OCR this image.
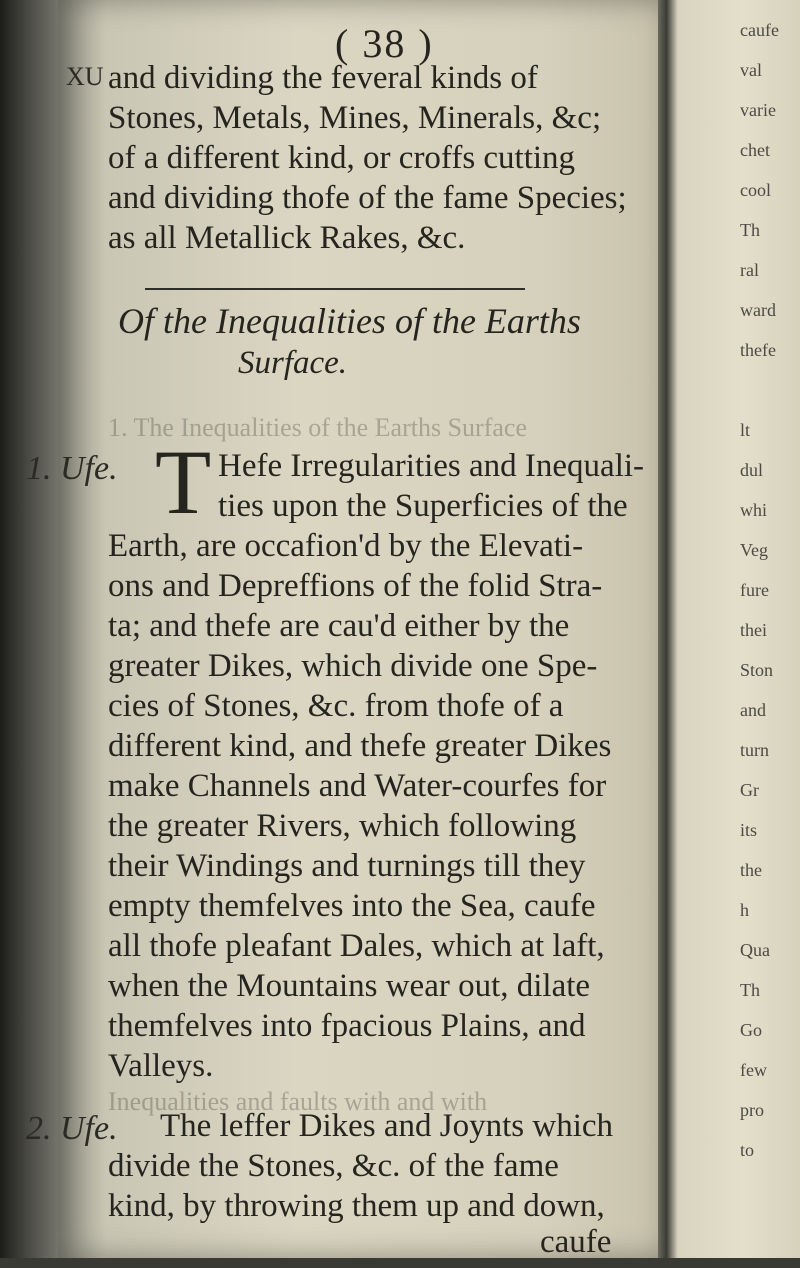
caufe
val
varie
chet
cool
Th
ral
ward
thefe
lt
dul
whi
Veg
fure
thei
Ston
and
turn
Gr
its
the
h
Qua
Th
Go
few
pro
to
( 38 )
XU and dividing the feveral kinds of
Stones, Metals, Mines, Minerals, &c;
of a different kind, or croffs cutting
and dividing thofe of the fame Species;
as all Metallick Rakes, &c.
Of the Inequalities of the Earths
Surface.
1. The Inequalities of the Earths Surface
1. Ufe. T Hefe Irregularities and Inequali-
ties upon the Superficies of the
Earth, are occafion'd by the Elevati-
ons and Depreffions of the folid Stra-
ta; and thefe are cau'd either by the
greater Dikes, which divide one Spe-
cies of Stones, &c. from thofe of a
different kind, and thefe greater Dikes
make Channels and Water-courfes for
the greater Rivers, which following
their Windings and turnings till they
empty themfelves into the Sea, caufe
all thofe pleafant Dales, which at laft,
when the Mountains wear out, dilate
themfelves into fpacious Plains, and
Valleys.
Inequalities and faults with and with
2. Ufe. The leffer Dikes and Joynts which
divide the Stones, &c. of the fame
kind, by throwing them up and down,
caufe
